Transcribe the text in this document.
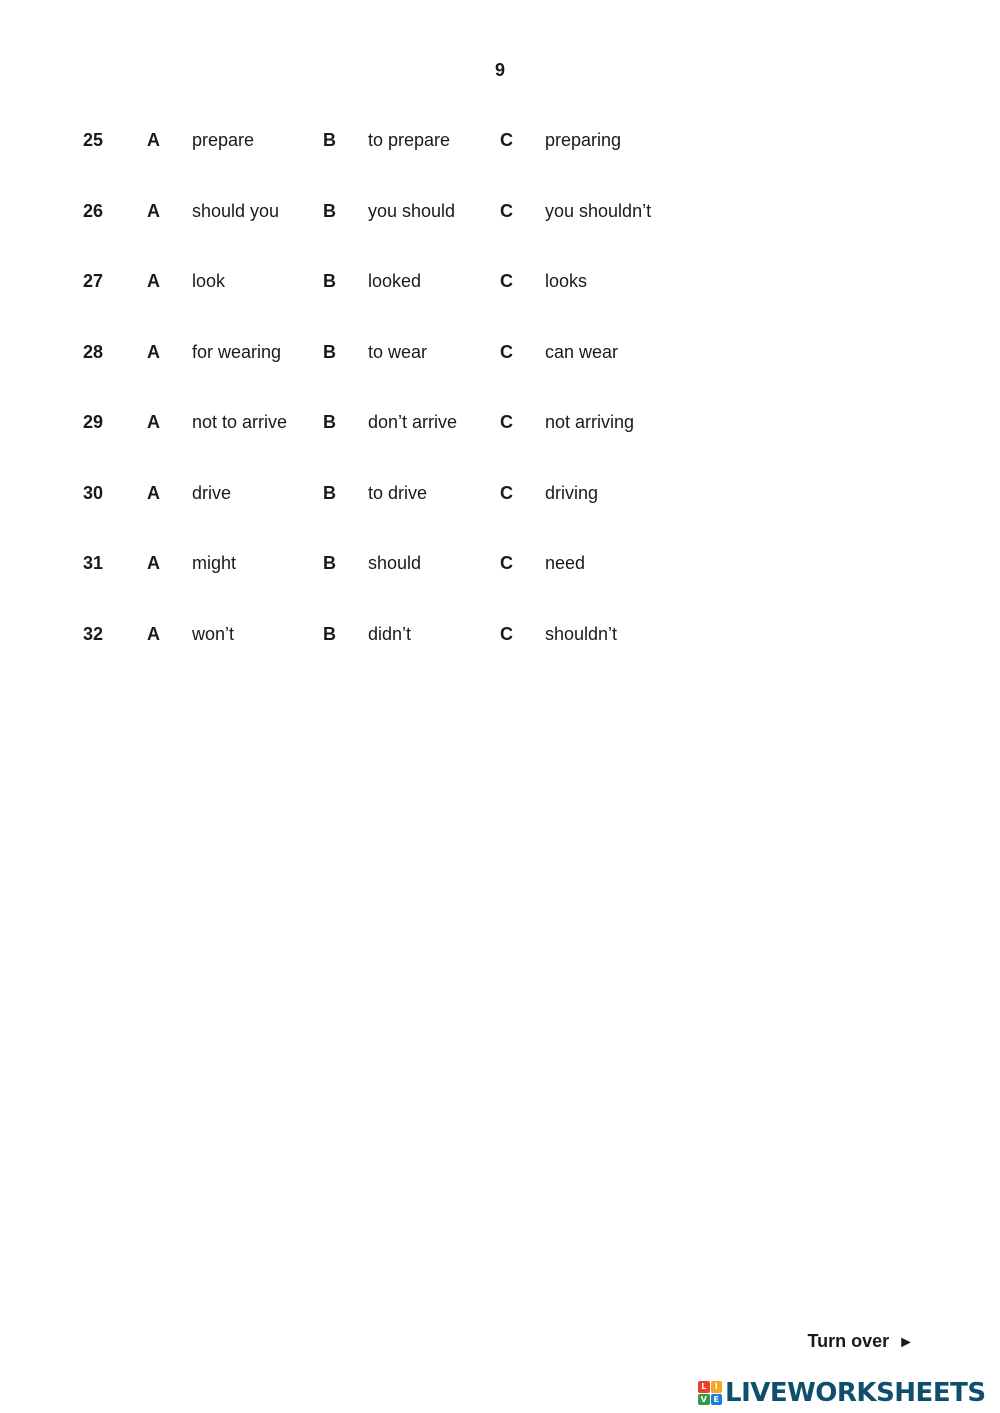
9
25 A prepare	B to prepare	C preparing
26 A should you B you should C you shouldn’t
27 A look	B looked	C looks
28 A for wearing B to wear	C can wear
29 A not to arrive B don’t arrive C not arriving
30 A drive	B to drive	C driving
31 A might	B should	C need
32 A won’t	B didn’t	C shouldn’t
Turn over ►
L	I
V E LIVEWORKSHEETS
